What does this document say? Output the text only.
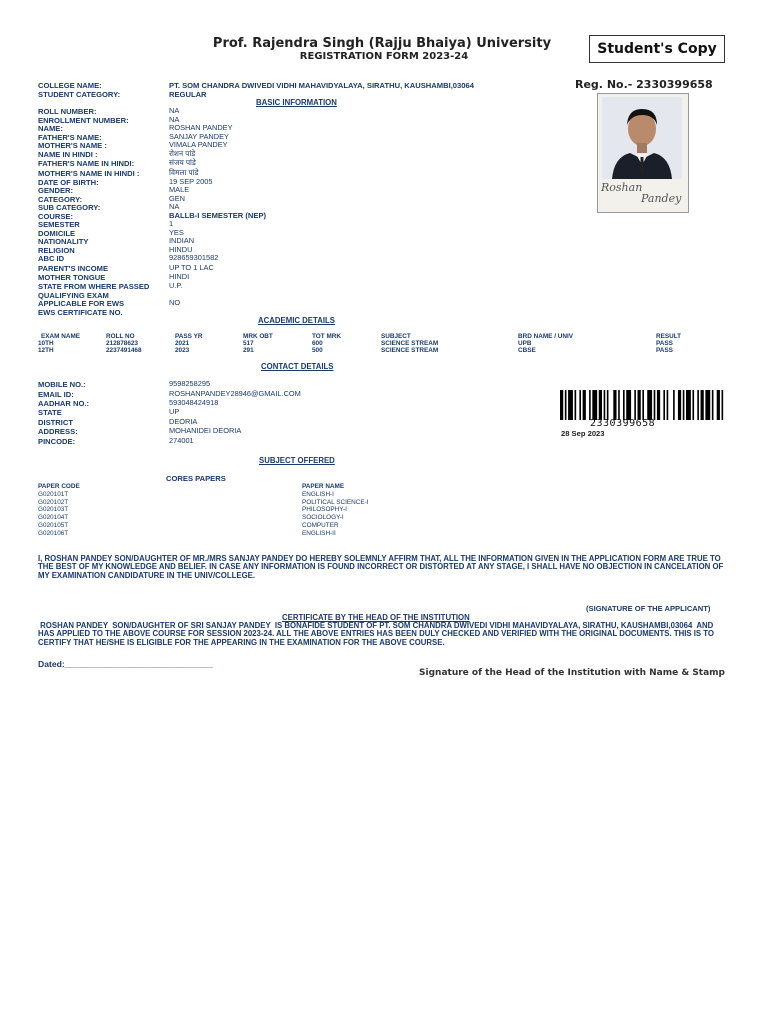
Prof. Rajendra Singh (Rajju Bhaiya) University
REGISTRATION FORM 2023-24	Student's Copy
Reg. No.- 2330399658
Roshan
Pandey
COLLEGE NAME:	PT. SOM CHANDRA DWIVEDI VIDHI MAHAVIDYALAYA, SIRATHU, KAUSHAMBI,03064
STUDENT CATEGORY:	REGULAR
BASIC INFORMATION
ROLL NUMBER:	NA
ENROLLMENT NUMBER:	NA
NAME:	ROSHAN PANDEY
FATHER'S NAME:	SANJAY PANDEY
MOTHER'S NAME :	VIMALA PANDEY
NAME IN HINDI :	रोशन पांडे
FATHER'S NAME IN HINDI:	संजय पांडे
MOTHER'S NAME IN HINDI :	विमला पांडे
DATE OF BIRTH:	19 SEP 2005
GENDER:	MALE
CATEGORY:	GEN
SUB CATEGORY:	NA
COURSE:	BALLB-I SEMESTER (NEP)
SEMESTER	1
DOMICILE	YES
NATIONALITY	INDIAN
RELIGION	HINDU
ABC ID	928659301582
PARENT'S INCOME	UP TO 1 LAC
MOTHER TONGUE	HINDI
STATE FROM WHERE PASSED	U.P.
QUALIFYING EXAM
APPLICABLE FOR EWS	NO
EWS CERTIFICATE NO.
ACADEMIC DETAILS
EXAM NAME	ROLL NO	PASS YR	MRK OBT	TOT MRK	SUBJECT	BRD NAME / UNIV	RESULT
10TH	212878623	2021	517	600	SCIENCE STREAM	UPB	PASS
12TH	2237491468	2023	291	500	SCIENCE STREAM	CBSE	PASS
CONTACT DETAILS
MOBILE NO.:	9598258295
EMAIL ID:	ROSHANPANDEY28946@GMAIL.COM
AADHAR NO.:	593048424918
STATE	UP
DISTRICT	DEORIA
ADDRESS:	MOHANIDEI DEORIA
PINCODE:	274001
2330399658
28 Sep 2023
SUBJECT OFFERED
CORES PAPERS
PAPER CODE	PAPER NAME
G020101T	ENGLISH-I
G020102T	POLITICAL SCIENCE-I
G020103T	PHILOSOPHY-I
G020104T	SOCIOLOGY-I
G020105T	COMPUTER
G020106T	ENGLISH-II
I, ROSHAN PANDEY SON/DAUGHTER OF MR./MRS SANJAY PANDEY DO HEREBY SOLEMNLY AFFIRM THAT, ALL THE INFORMATION GIVEN IN THE APPLICATION FORM ARE TRUE TO THE BEST OF MY KNOWLEDGE AND BELIEF. IN CASE ANY INFORMATION IS FOUND INCORRECT OR DISTORTED AT ANY STAGE, I SHALL HAVE NO OBJECTION IN CANCELATION OF MY EXAMINATION CANDIDATURE IN THE UNIV/COLLEGE.
(SIGNATURE OF THE APPLICANT)
CERTIFICATE BY THE HEAD OF THE INSTITUTION
ROSHAN PANDEY  SON/DAUGHTER OF SRI SANJAY PANDEY  IS BONAFIDE STUDENT OF PT. SOM CHANDRA DWIVEDI VIDHI MAHAVIDYALAYA, SIRATHU, KAUSHAMBI,03064  AND HAS APPLIED TO THE ABOVE COURSE FOR SESSION 2023-24. ALL THE ABOVE ENTRIES HAS BEEN DULY CHECKED AND VERIFIED WITH THE ORIGINAL DOCUMENTS. THIS IS TO CERTIFY THAT HE/SHE IS ELIGIBLE FOR THE APPEARING IN THE EXAMINATION FOR THE ABOVE COURSE.
Dated:_______________________________
Signature of the Head of the Institution with Name & Stamp
